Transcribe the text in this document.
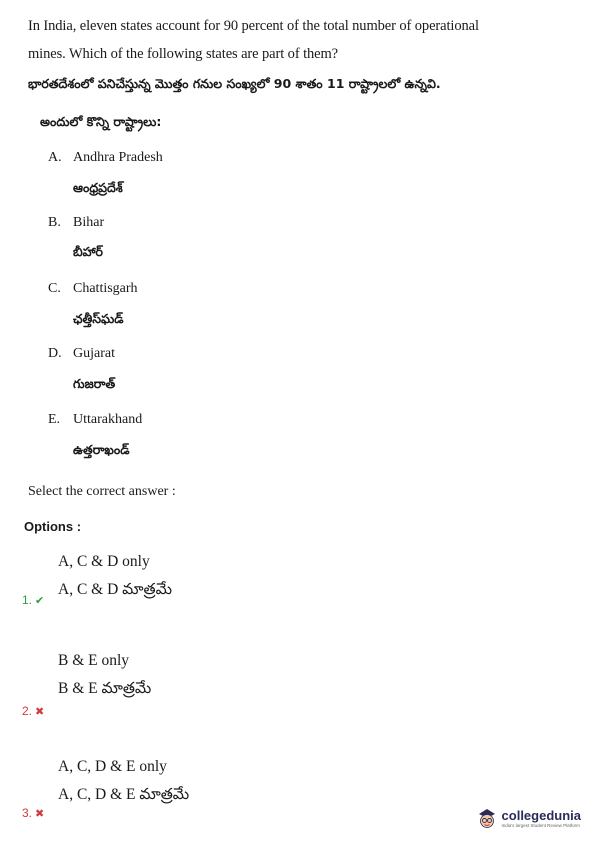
In India, eleven states account for 90 percent of the total number of operational
mines. Which of the following states are part of them?
భారతదేశంలో పనిచేస్తున్న మొత్తం గనుల సంఖ్యలో 90 శాతం 11 రాష్ట్రాలలో ఉన్నవి.
అందులో కొన్ని రాష్ట్రాలు:
A. Andhra Pradesh
ఆంధ్రప్రదేశ్
B. Bihar
బీహార్
C. Chattisgarh
ఛత్తీస్‌ఘడ్
D. Gujarat
గుజరాత్
E. Uttarakhand
ఉత్తరాఖండ్
Select the correct answer :
Options :
A, C & D only
A, C & D మాత్రమే
1. ✔
B & E only
B & E మాత్రమే
2. ✖
A, C, D & E only
A, C, D & E మాత్రమే
3. ✖	collegedunia
India's largest Student Review Platform
